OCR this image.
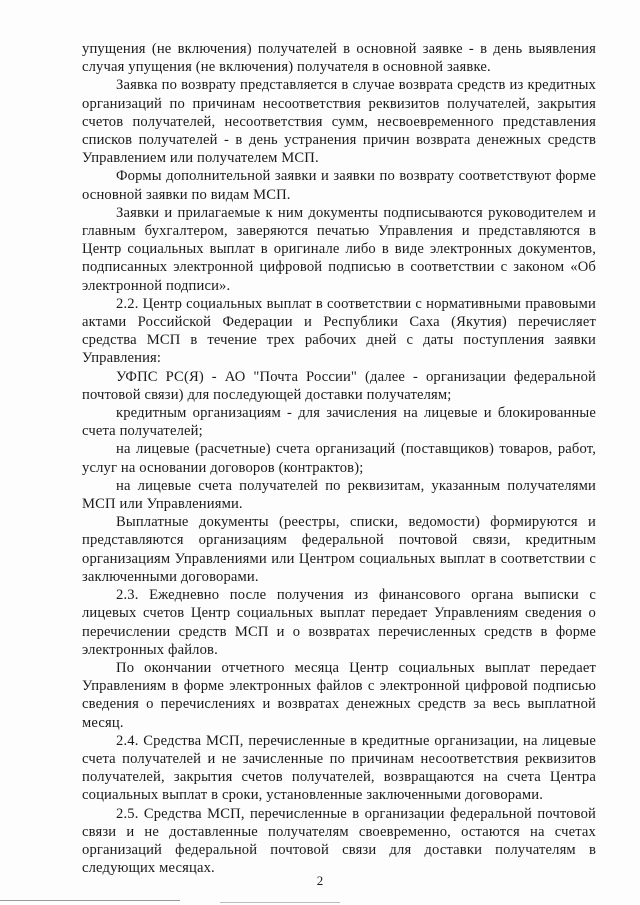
упущения (не включения) получателей в основной заявке - в день выявления случая упущения (не включения) получателя в основной заявке.

Заявка по возврату представляется в случае возврата средств из кредитных организаций по причинам несоответствия реквизитов получателей, закрытия счетов получателей, несоответствия сумм, несвоевременного представления списков получателей - в день устранения причин возврата денежных средств Управлением или получателем МСП.

Формы дополнительной заявки и заявки по возврату соответствуют форме основной заявки по видам МСП.

Заявки и прилагаемые к ним документы подписываются руководителем и главным бухгалтером, заверяются печатью Управления и представляются в Центр социальных выплат в оригинале либо в виде электронных документов, подписанных электронной цифровой подписью в соответствии с законом «Об электронной подписи».

2.2. Центр социальных выплат в соответствии с нормативными правовыми актами Российской Федерации и Республики Саха (Якутия) перечисляет средства МСП в течение трех рабочих дней с даты поступления заявки Управления:

УФПС РС(Я) - АО "Почта России" (далее - организации федеральной почтовой связи) для последующей доставки получателям;

кредитным организациям - для зачисления на лицевые и блокированные счета получателей;

на лицевые (расчетные) счета организаций (поставщиков) товаров, работ, услуг на основании договоров (контрактов);

на лицевые счета получателей по реквизитам, указанным получателями МСП или Управлениями.

Выплатные документы (реестры, списки, ведомости) формируются и представляются организациям федеральной почтовой связи, кредитным организациям Управлениями или Центром социальных выплат в соответствии с заключенными договорами.

2.3. Ежедневно после получения из финансового органа выписки с лицевых счетов Центр социальных выплат передает Управлениям сведения о перечислении средств МСП и о возвратах перечисленных средств в форме электронных файлов.

По окончании отчетного месяца Центр социальных выплат передает Управлениям в форме электронных файлов с электронной цифровой подписью сведения о перечислениях и возвратах денежных средств за весь выплатной месяц.

2.4. Средства МСП, перечисленные в кредитные организации, на лицевые счета получателей и не зачисленные по причинам несоответствия реквизитов получателей, закрытия счетов получателей, возвращаются на счета Центра социальных выплат в сроки, установленные заключенными договорами.

2.5. Средства МСП, перечисленные в организации федеральной почтовой связи и не доставленные получателям своевременно, остаются на счетах организаций федеральной почтовой связи для доставки получателям в следующих месяцах.

2
